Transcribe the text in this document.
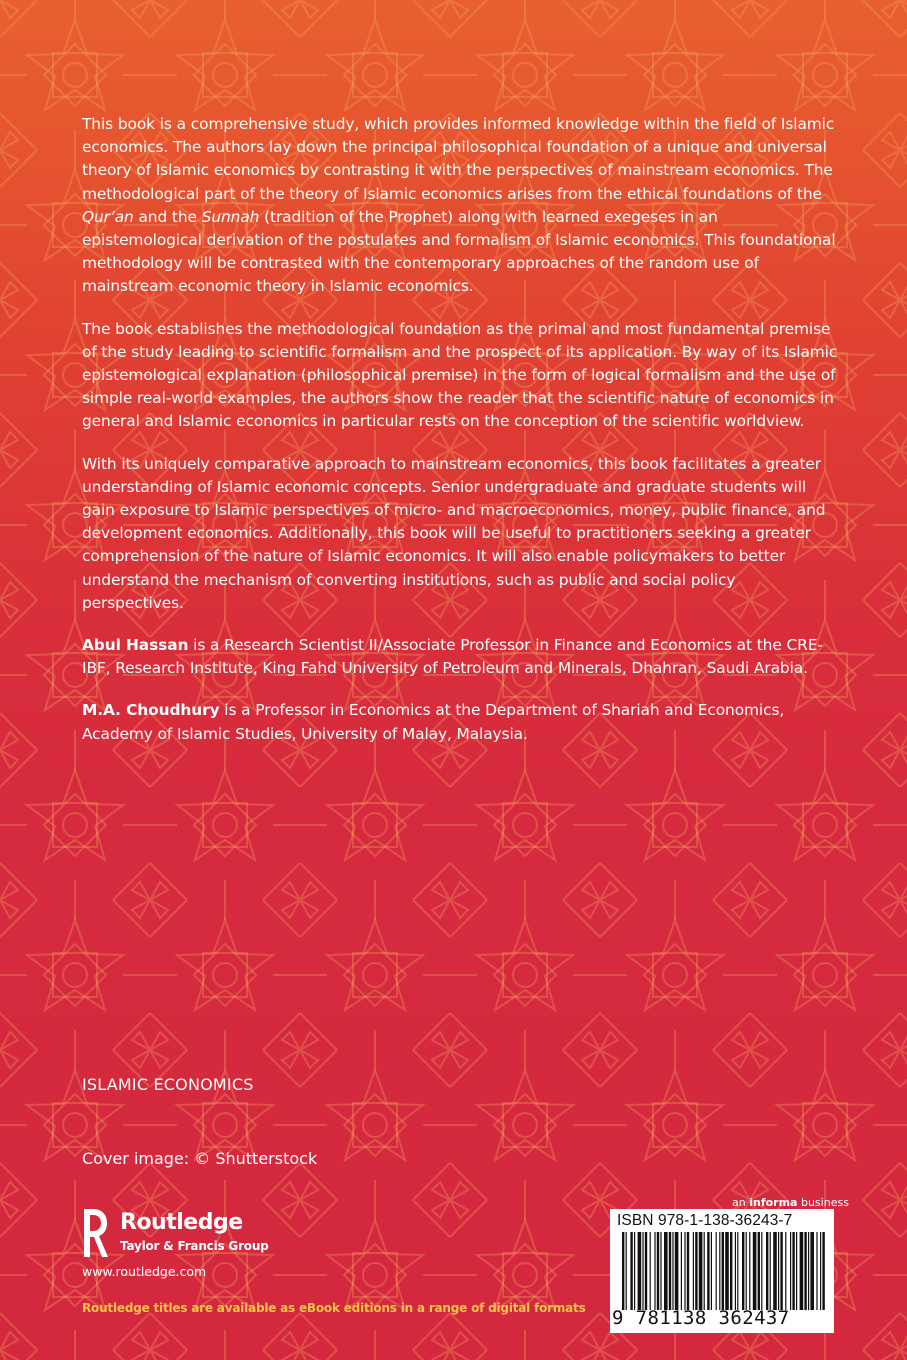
This book is a comprehensive study, which provides informed knowledge within the field of Islamic economics. The authors lay down the principal philosophical foundation of a unique and universal theory of Islamic economics by contrasting it with the perspectives of mainstream economics. The methodological part of the theory of Islamic economics arises from the ethical foundations of the Qur’an and the Sunnah (tradition of the Prophet) along with learned exegeses in an epistemological derivation of the postulates and formalism of Islamic economics. This foundational methodology will be contrasted with the contemporary approaches of the random use of mainstream economic theory in Islamic economics.

The book establishes the methodological foundation as the primal and most fundamental premise of the study leading to scientific formalism and the prospect of its application. By way of its Islamic epistemological explanation (philosophical premise) in the form of logical formalism and the use of simple real-world examples, the authors show the reader that the scientific nature of economics in general and Islamic economics in particular rests on the conception of the scientific worldview.

With its uniquely comparative approach to mainstream economics, this book facilitates a greater understanding of Islamic economic concepts. Senior undergraduate and graduate students will gain exposure to Islamic perspectives of micro- and macroeconomics, money, public finance, and development economics. Additionally, this book will be useful to practitioners seeking a greater comprehension of the nature of Islamic economics. It will also enable policymakers to better understand the mechanism of converting institutions, such as public and social policy perspectives.

Abul Hassan is a Research Scientist II/Associate Professor in Finance and Economics at the CRE-IBF, Research Institute, King Fahd University of Petroleum and Minerals, Dhahran, Saudi Arabia.

M.A. Choudhury is a Professor in Economics at the Department of Shariah and Economics, Academy of Islamic Studies, University of Malay, Malaysia.

ISLAMIC ECONOMICS
Cover image: © Shutterstock
Routledge
Taylor & Francis Group
www.routledge.com
Routledge titles are available as eBook editions in a range of digital formats
an informa business
ISBN 978-1-138-36243-7
9 781138 362437
